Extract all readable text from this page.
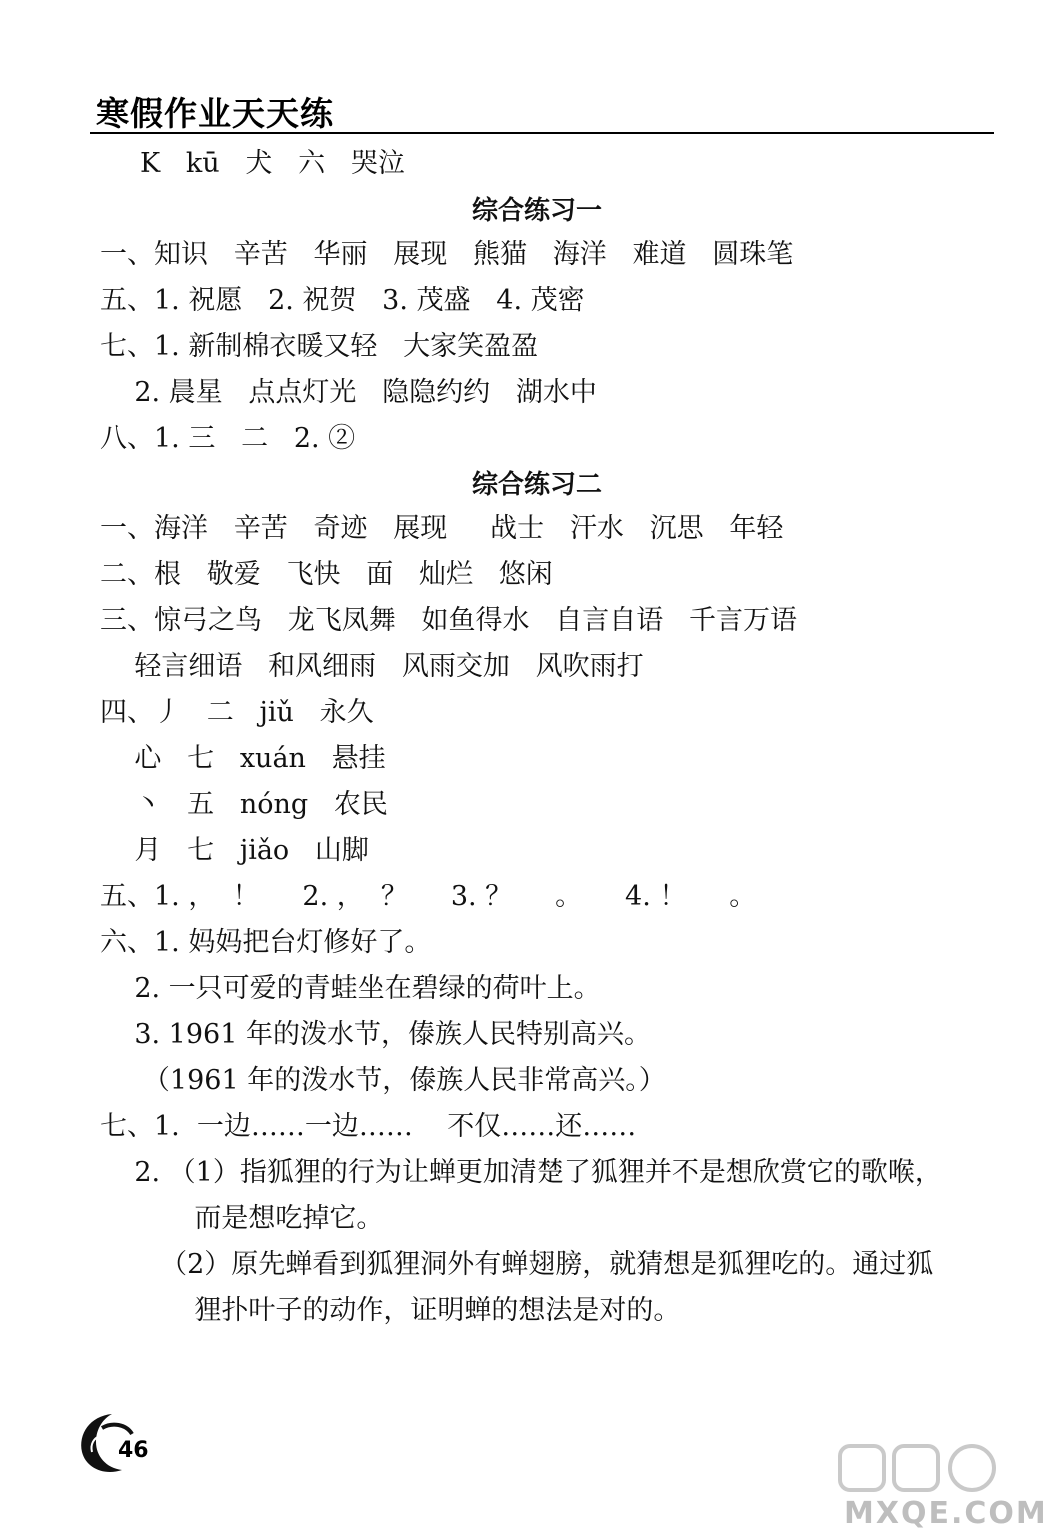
寒假作业天天练
K   kū   犬   六   哭泣
综合练习一
一、知识   辛苦   华丽   展现   熊猫   海洋   难道   圆珠笔
五、1. 祝愿   2. 祝贺   3. 茂盛   4. 茂密
七、1. 新制棉衣暖又轻   大家笑盈盈
2. 晨星   点点灯光   隐隐约约   湖水中
八、1. 三   二   2. ②
综合练习二
一、海洋   辛苦   奇迹   展现     战士   汗水   沉思   年轻
二、根   敬爱   飞快   面   灿烂   悠闲
三、惊弓之鸟   龙飞凤舞   如鱼得水   自言自语   千言万语
轻言细语   和风细雨   风雨交加   风吹雨打
四、丿   二   jiǔ   永久
心   七   xuán   悬挂
丶   五   nóng   农民
月   七   jiǎo   山脚
五、1. ，  ！     2. ，  ？     3. ？     。     4. ！     。
六、1. 妈妈把台灯修好了。
2. 一只可爱的青蛙坐在碧绿的荷叶上。
3. 1961 年的泼水节，傣族人民特别高兴。
（1961 年的泼水节，傣族人民非常高兴。）
七、1.  一边……一边……    不仅……还……
2. （1）指狐狸的行为让蝉更加清楚了狐狸并不是想欣赏它的歌喉，
而是想吃掉它。
（2）原先蝉看到狐狸洞外有蝉翅膀，就猜想是狐狸吃的。通过狐
狸扑叶子的动作，证明蝉的想法是对的。
46
MXQE.COM
